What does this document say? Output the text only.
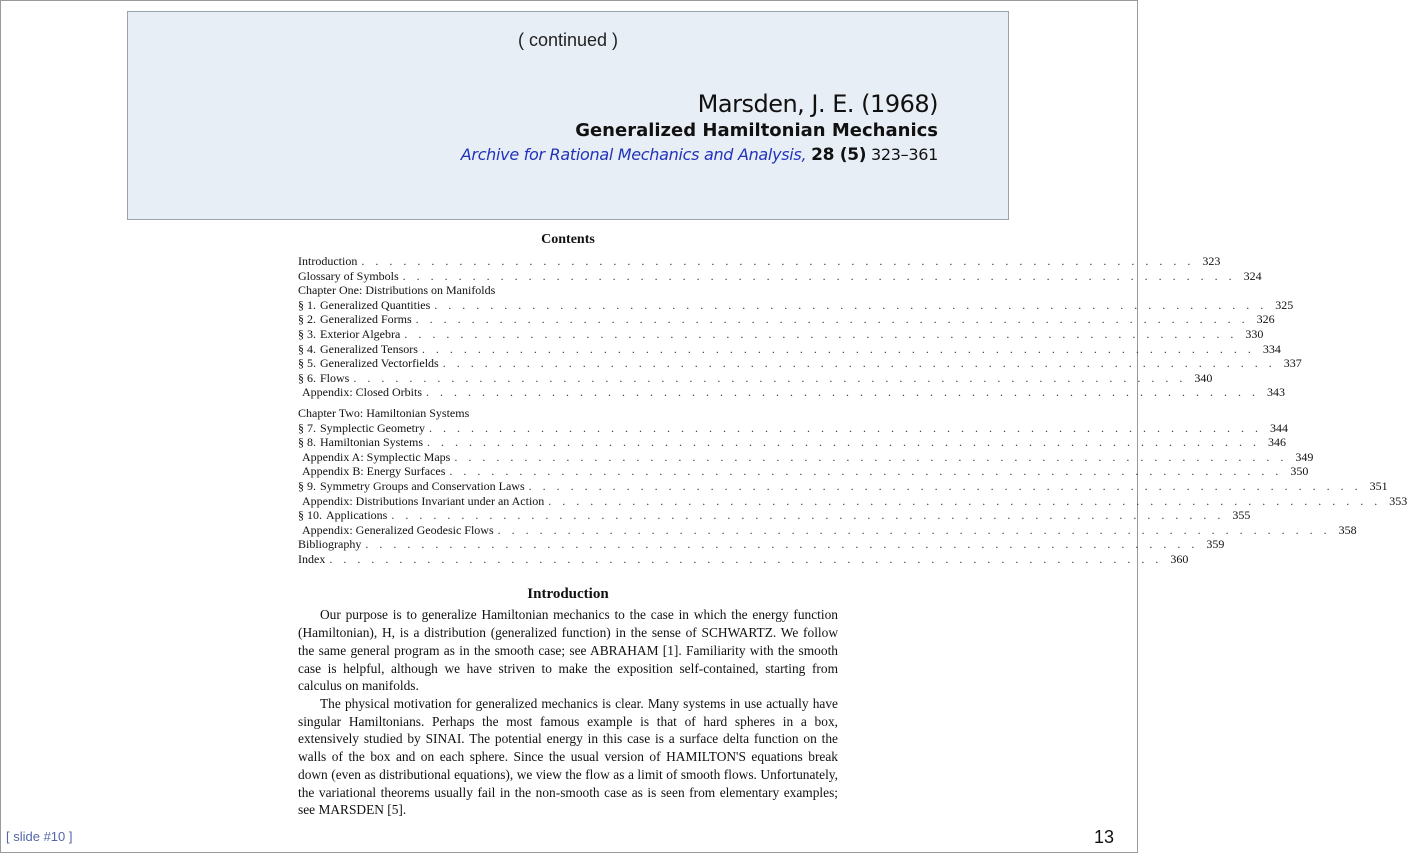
( continued )
Marsden, J. E. (1968)
Generalized Hamiltonian Mechanics
Archive for Rational Mechanics and Analysis, 28 (5) 323–361
Contents
Introduction . . . . . . . . . . . . . . . . . . . . . . . . . . . . . . . . . . . . . . . . . . . . . . . . . . . . . . . . . . . . 323
Glossary of Symbols . . . . . . . . . . . . . . . . . . . . . . . . . . . . . . . . . . . . . . . . . . . . . . . . . . . . . . . . . . . . 324
Chapter One: Distributions on Manifolds
§ 1. Generalized Quantities . . . . . . . . . . . . . . . . . . . . . . . . . . . . . . . . . . . . . . . . . . . . . . . . . . . . . . . . . . . . 325
§ 2. Generalized Forms . . . . . . . . . . . . . . . . . . . . . . . . . . . . . . . . . . . . . . . . . . . . . . . . . . . . . . . . . . . . 326
§ 3. Exterior Algebra . . . . . . . . . . . . . . . . . . . . . . . . . . . . . . . . . . . . . . . . . . . . . . . . . . . . . . . . . . . . 330
§ 4. Generalized Tensors . . . . . . . . . . . . . . . . . . . . . . . . . . . . . . . . . . . . . . . . . . . . . . . . . . . . . . . . . . . . 334
§ 5. Generalized Vectorfields . . . . . . . . . . . . . . . . . . . . . . . . . . . . . . . . . . . . . . . . . . . . . . . . . . . . . . . . . . . . 337
§ 6. Flows . . . . . . . . . . . . . . . . . . . . . . . . . . . . . . . . . . . . . . . . . . . . . . . . . . . . . . . . . . . . 340
Appendix: Closed Orbits . . . . . . . . . . . . . . . . . . . . . . . . . . . . . . . . . . . . . . . . . . . . . . . . . . . . . . . . . . . . 343
Chapter Two: Hamiltonian Systems
§ 7. Symplectic Geometry . . . . . . . . . . . . . . . . . . . . . . . . . . . . . . . . . . . . . . . . . . . . . . . . . . . . . . . . . . . . 344
§ 8. Hamiltonian Systems . . . . . . . . . . . . . . . . . . . . . . . . . . . . . . . . . . . . . . . . . . . . . . . . . . . . . . . . . . . . 346
Appendix A: Symplectic Maps . . . . . . . . . . . . . . . . . . . . . . . . . . . . . . . . . . . . . . . . . . . . . . . . . . . . . . . . . . . . 349
Appendix B: Energy Surfaces . . . . . . . . . . . . . . . . . . . . . . . . . . . . . . . . . . . . . . . . . . . . . . . . . . . . . . . . . . . . 350
§ 9. Symmetry Groups and Conservation Laws . . . . . . . . . . . . . . . . . . . . . . . . . . . . . . . . . . . . . . . . . . . . . . . . . . . . . . . . . . . . 351
Appendix: Distributions Invariant under an Action . . . . . . . . . . . . . . . . . . . . . . . . . . . . . . . . . . . . . . . . . . . . . . . . . . . . . . . . . . . . 353
§ 10. Applications . . . . . . . . . . . . . . . . . . . . . . . . . . . . . . . . . . . . . . . . . . . . . . . . . . . . . . . . . . . . 355
Appendix: Generalized Geodesic Flows . . . . . . . . . . . . . . . . . . . . . . . . . . . . . . . . . . . . . . . . . . . . . . . . . . . . . . . . . . . . 358
Bibliography . . . . . . . . . . . . . . . . . . . . . . . . . . . . . . . . . . . . . . . . . . . . . . . . . . . . . . . . . . . . 359
Index . . . . . . . . . . . . . . . . . . . . . . . . . . . . . . . . . . . . . . . . . . . . . . . . . . . . . . . . . . . . 360
Introduction

Our purpose is to generalize Hamiltonian mechanics to the case in which the energy function (Hamiltonian), H, is a distribution (generalized function) in the sense of SCHWARTZ. We follow the same general program as in the smooth case; see ABRAHAM [1]. Familiarity with the smooth case is helpful, although we have striven to make the exposition self-contained, starting from calculus on manifolds.

The physical motivation for generalized mechanics is clear. Many systems in use actually have singular Hamiltonians. Perhaps the most famous example is that of hard spheres in a box, extensively studied by SINAI. The potential energy in this case is a surface delta function on the walls of the box and on each sphere. Since the usual version of HAMILTON'S equations break down (even as distributional equations), we view the flow as a limit of smooth flows. Unfortunately, the variational theorems usually fail in the non-smooth case as is seen from elementary examples; see MARSDEN [5].

[ slide #10 ]	13
